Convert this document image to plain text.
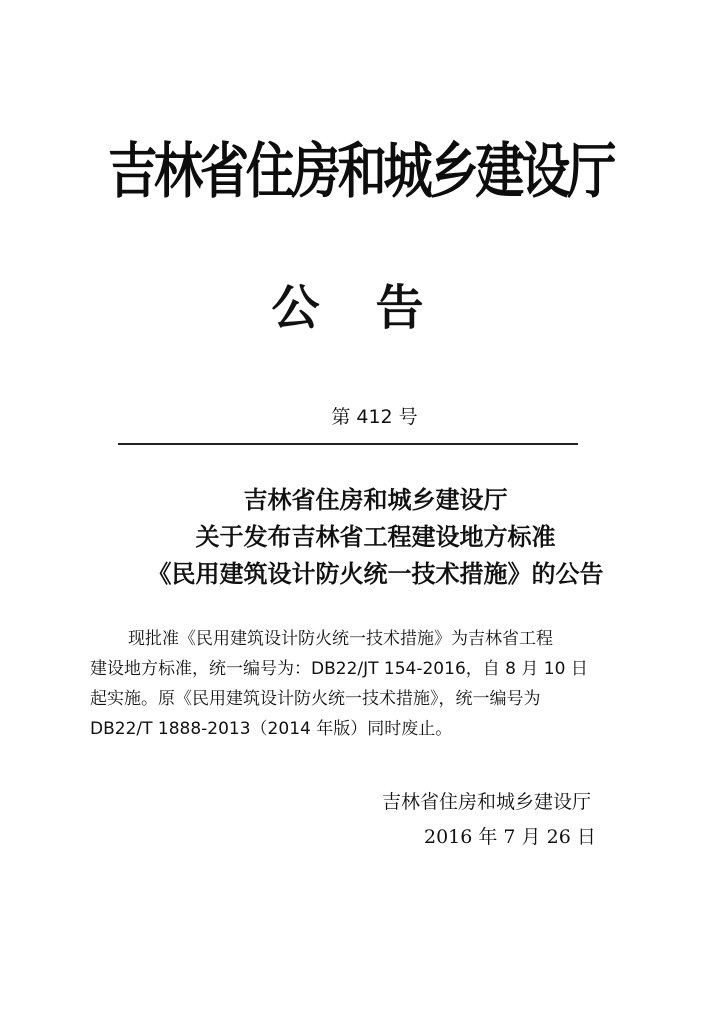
吉林省住房和城乡建设厅
公告
第 412 号
吉林省住房和城乡建设厅
关于发布吉林省工程建设地方标准
《民用建筑设计防火统一技术措施》的公告
现批准《民用建筑设计防火统一技术措施》为吉林省工程
建设地方标准，统一编号为：DB22/JT 154-2016，自 8 月 10 日
起实施。原《民用建筑设计防火统一技术措施》，统一编号为
DB22/T 1888-2013（2014 年版）同时废止。
吉林省住房和城乡建设厅
2016 年 7 月 26 日
